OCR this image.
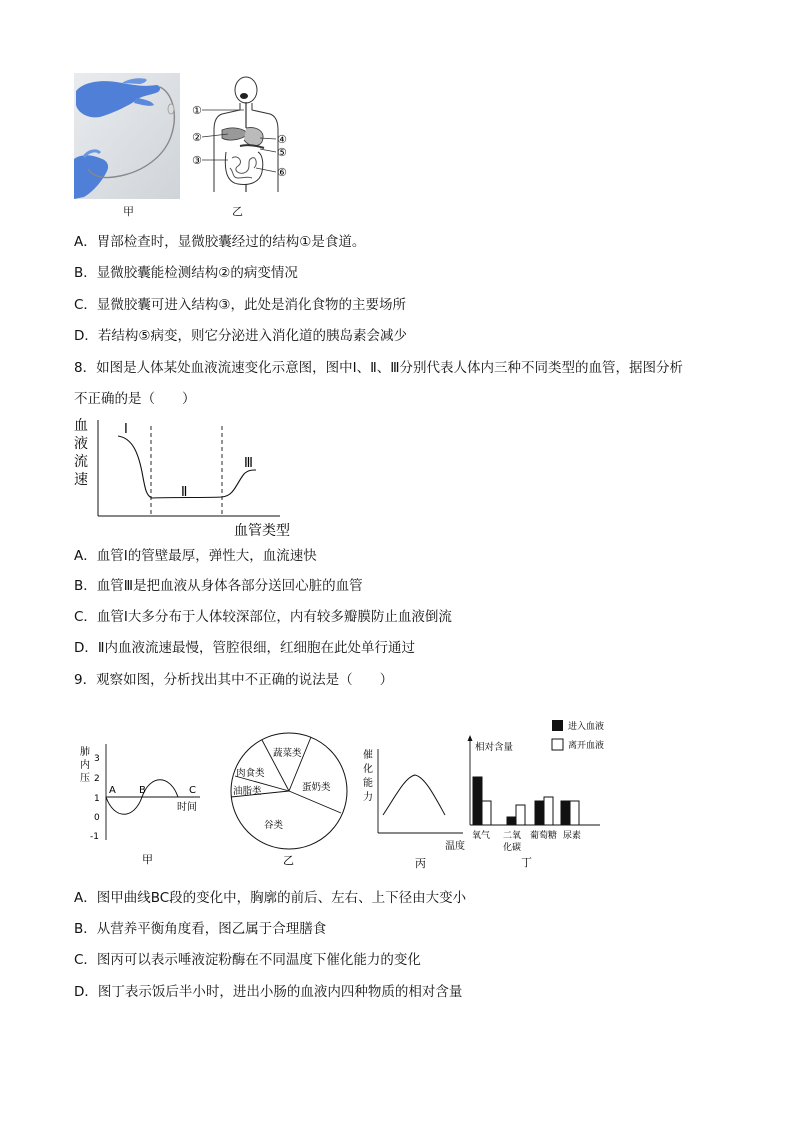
甲
①
②
③
④
⑤
⑥
乙
A．胃部检查时，显微胶囊经过的结构①是食道。
B．显微胶囊能检测结构②的病变情况
C．显微胶囊可进入结构③，此处是消化食物的主要场所
D．若结构⑤病变，则它分泌进入消化道的胰岛素会减少
8．如图是人体某处血液流速变化示意图，图中Ⅰ、Ⅱ、Ⅲ分别代表人体内三种不同类型的血管，据图分析
不正确的是（　　）
血
液
流
速
Ⅰ
Ⅱ
Ⅲ
血管类型
A．血管Ⅰ的管壁最厚，弹性大，血流速快
B．血管Ⅲ是把血液从身体各部分送回心脏的血管
C．血管Ⅰ大多分布于人体较深部位，内有较多瓣膜防止血液倒流
D．Ⅱ内血液流速最慢，管腔很细，红细胞在此处单行通过
9．观察如图，分析找出其中不正确的说法是（　　）
肺
内
压
3
2
1
0
-1
A B	C
时间
甲
蔬菜类
肉食类
油脂类	蛋奶类
谷类
乙
催
化
能
力
温度
丙
进入血液
离开血液
相对含量
氧气 二氧
化碳
葡萄糖 尿素
丁
A．图甲曲线BC段的变化中，胸廓的前后、左右、上下径由大变小
B．从营养平衡角度看，图乙属于合理膳食
C．图丙可以表示唾液淀粉酶在不同温度下催化能力的变化
D．图丁表示饭后半小时，进出小肠的血液内四种物质的相对含量
